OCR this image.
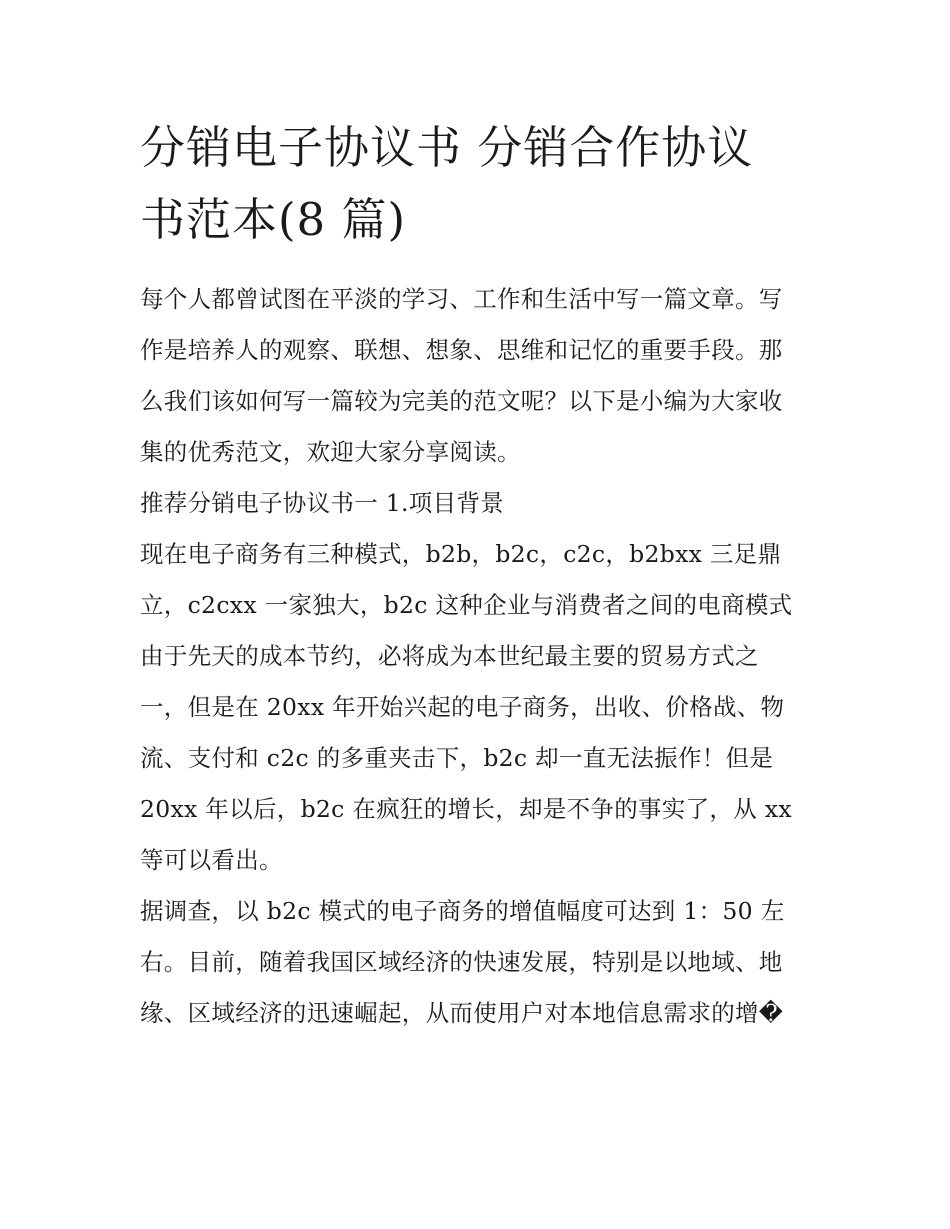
分销电子协议书 分销合作协议
书范本(8 篇)

每个人都曾试图在平淡的学习、工作和生活中写一篇文章。写

作是培养人的观察、联想、想象、思维和记忆的重要手段。那

么我们该如何写一篇较为完美的范文呢？以下是小编为大家收

集的优秀范文，欢迎大家分享阅读。

推荐分销电子协议书一 1.项目背景

现在电子商务有三种模式，b2b，b2c，c2c，b2bxx 三足鼎

立，c2cxx 一家独大，b2c 这种企业与消费者之间的电商模式

由于先天的成本节约，必将成为本世纪最主要的贸易方式之

一，但是在 20xx 年开始兴起的电子商务，出收、价格战、物

流、支付和 c2c 的多重夹击下，b2c 却一直无法振作！但是

20xx 年以后，b2c 在疯狂的增长，却是不争的事实了，从 xx

等可以看出。

据调查，以 b2c 模式的电子商务的增值幅度可达到 1：50 左

右。目前，随着我国区域经济的快速发展，特别是以地域、地

缘、区域经济的迅速崛起，从而使用户对本地信息需求的增�
